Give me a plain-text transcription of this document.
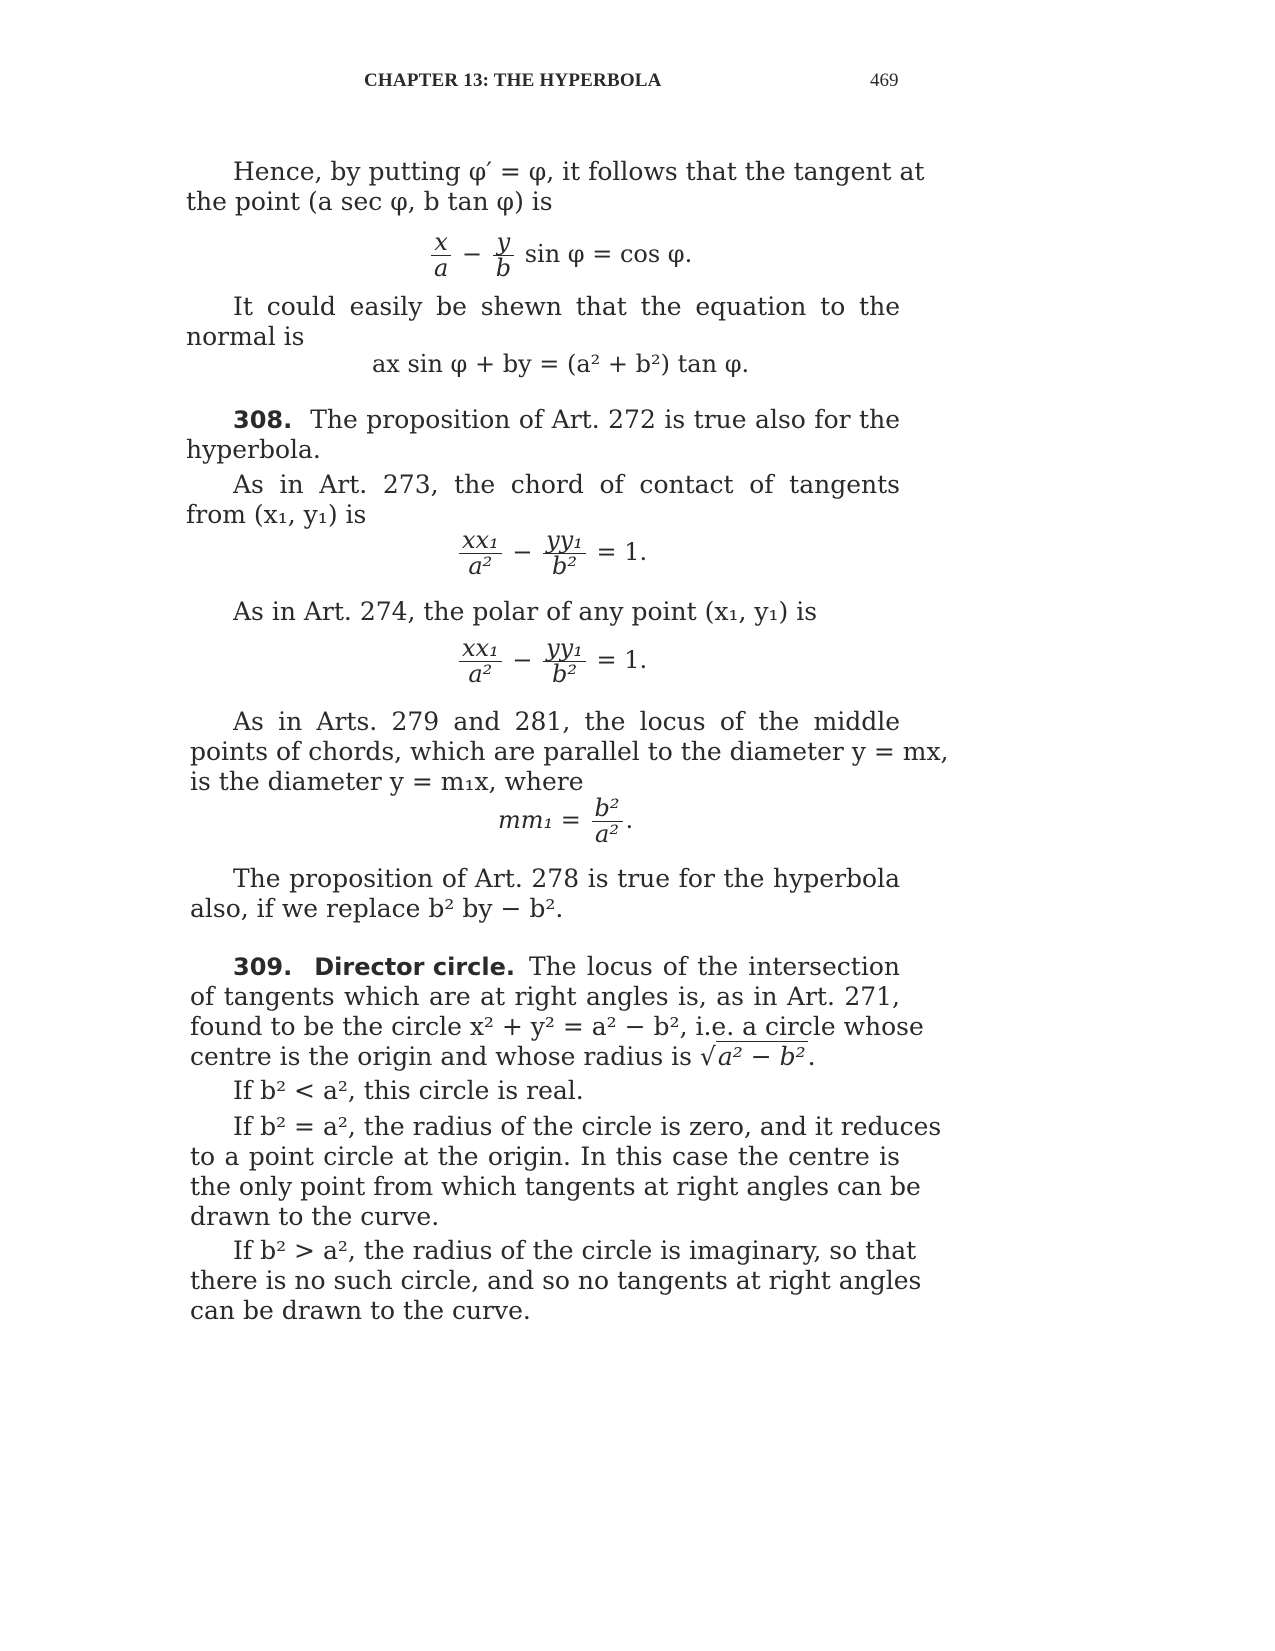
CHAPTER 13: THE HYPERBOLA	469
Hence, by putting φ′ = φ, it follows that the tangent at
the point (a sec φ, b tan φ) is
$\frac{x}{a} - \frac{y}{b}$ sin φ = cos φ.
It could easily be shewn that the equation to the
normal is
ax sin φ + by = (a² + b²) tan φ.
308. The proposition of Art. 272 is true also for the
hyperbola.
As in Art. 273, the chord of contact of tangents
from (x₁, y₁) is
$\frac{\text{xx₁}}{\text{a²}} - \frac{\text{yy₁}}{\text{b²}} = 1$.
As in Art. 274, the polar of any point (x₁, y₁) is
$\frac{\text{xx₁}}{\text{a²}} - \frac{\text{yy₁}}{\text{b²}} = 1$.
As in Arts. 279 and 281, the locus of the middle
points of chords, which are parallel to the diameter y = mx,
is the diameter y = m₁x, where
$mm_1 = \frac{\text{b²}}{\text{a²}}$ .
The proposition of Art. 278 is true for the hyperbola
also, if we replace b² by − b².
309. Director circle. The locus of the intersection
of tangents which are at right angles is, as in Art. 271,
found to be the circle x² + y² = a² − b², i.e. a circle whose
centre is the origin and whose radius is √a² − b².
If b² < a², this circle is real.
If b² = a², the radius of the circle is zero, and it reduces
to a point circle at the origin. In this case the centre is
the only point from which tangents at right angles can be
drawn to the curve.
If b² > a², the radius of the circle is imaginary, so that
there is no such circle, and so no tangents at right angles
can be drawn to the curve.
